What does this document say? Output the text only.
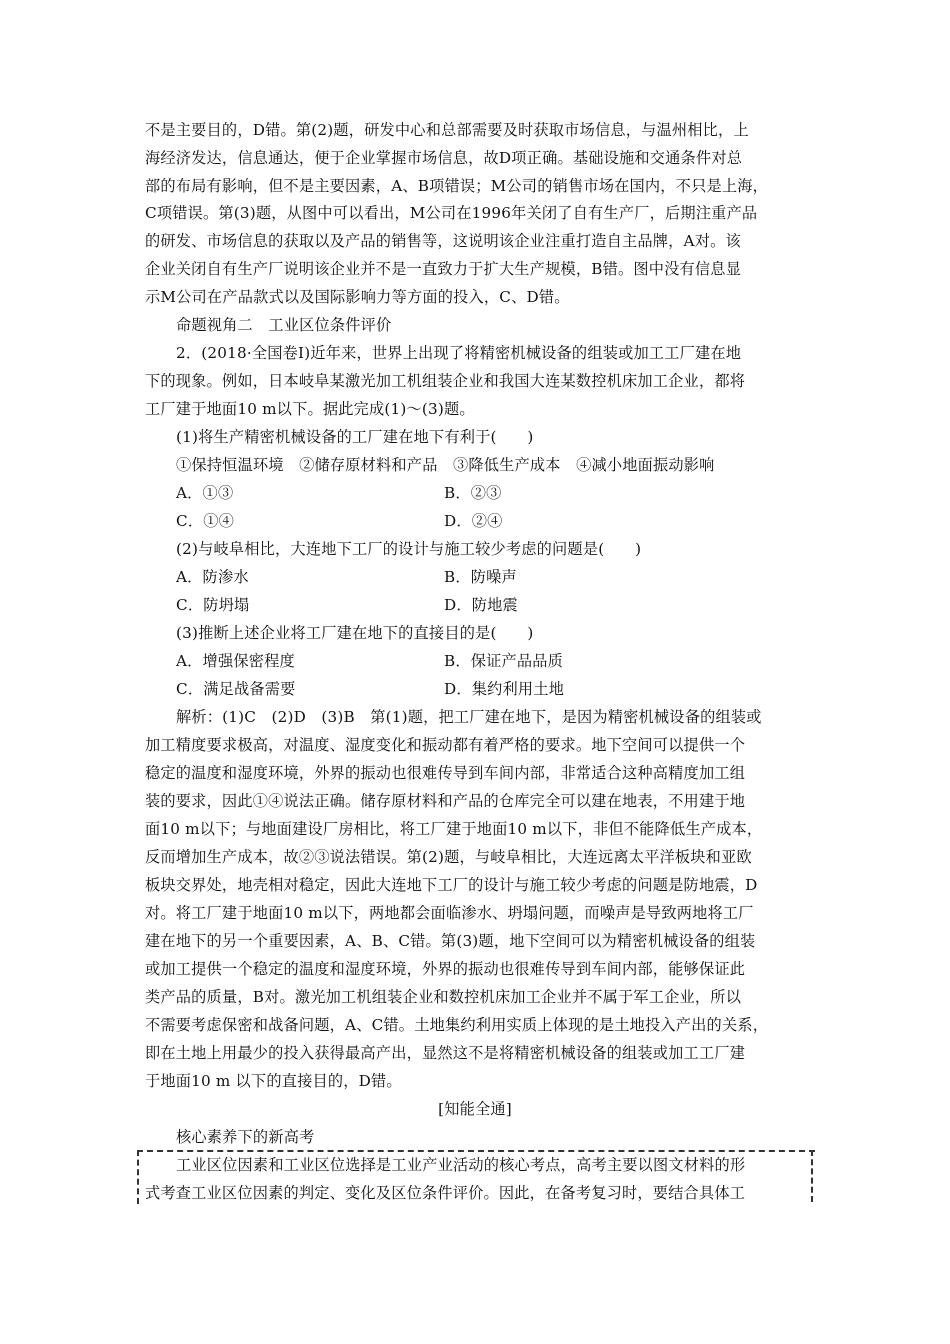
不是主要目的，D错。第(2)题，研发中心和总部需要及时获取市场信息，与温州相比，上
海经济发达，信息通达，便于企业掌握市场信息，故D项正确。基础设施和交通条件对总
部的布局有影响，但不是主要因素，A、B项错误；M公司的销售市场在国内，不只是上海，
C项错误。第(3)题，从图中可以看出，M公司在1996年关闭了自有生产厂，后期注重产品
的研发、市场信息的获取以及产品的销售等，这说明该企业注重打造自主品牌，A对。该
企业关闭自有生产厂说明该企业并不是一直致力于扩大生产规模，B错。图中没有信息显
示M公司在产品款式以及国际影响力等方面的投入，C、D错。
命题视角二　工业区位条件评价
2．(2018·全国卷Ⅰ)近年来，世界上出现了将精密机械设备的组装或加工工厂建在地
下的现象。例如，日本岐阜某激光加工机组装企业和我国大连某数控机床加工企业，都将
工厂建于地面10 m以下。据此完成(1)～(3)题。
(1)将生产精密机械设备的工厂建在地下有利于(　　)
①保持恒温环境　②储存原材料和产品　③降低生产成本　④减小地面振动影响
A．①③	B．②③
C．①④	D．②④
(2)与岐阜相比，大连地下工厂的设计与施工较少考虑的问题是(　　)
A．防渗水	B．防噪声
C．防坍塌	D．防地震
(3)推断上述企业将工厂建在地下的直接目的是(　　)
A．增强保密程度	B．保证产品品质
C．满足战备需要	D．集约利用土地
解析：(1)C　(2)D　(3)B　第(1)题，把工厂建在地下，是因为精密机械设备的组装或
加工精度要求极高，对温度、湿度变化和振动都有着严格的要求。地下空间可以提供一个
稳定的温度和湿度环境，外界的振动也很难传导到车间内部，非常适合这种高精度加工组
装的要求，因此①④说法正确。储存原材料和产品的仓库完全可以建在地表，不用建于地
面10 m以下；与地面建设厂房相比，将工厂建于地面10 m以下，非但不能降低生产成本，
反而增加生产成本，故②③说法错误。第(2)题，与岐阜相比，大连远离太平洋板块和亚欧
板块交界处，地壳相对稳定，因此大连地下工厂的设计与施工较少考虑的问题是防地震，D
对。将工厂建于地面10 m以下，两地都会面临渗水、坍塌问题，而噪声是导致两地将工厂
建在地下的另一个重要因素，A、B、C错。第(3)题，地下空间可以为精密机械设备的组装
或加工提供一个稳定的温度和湿度环境，外界的振动也很难传导到车间内部，能够保证此
类产品的质量，B对。激光加工机组装企业和数控机床加工企业并不属于军工企业，所以
不需要考虑保密和战备问题，A、C错。土地集约利用实质上体现的是土地投入产出的关系，
即在土地上用最少的投入获得最高产出，显然这不是将精密机械设备的组装或加工工厂建
于地面10 m 以下的直接目的，D错。
[知能全通]
核心素养下的新高考
工业区位因素和工业区位选择是工业产业活动的核心考点，高考主要以图文材料的形
式考查工业区位因素的判定、变化及区位条件评价。因此，在备考复习时，要结合具体工
